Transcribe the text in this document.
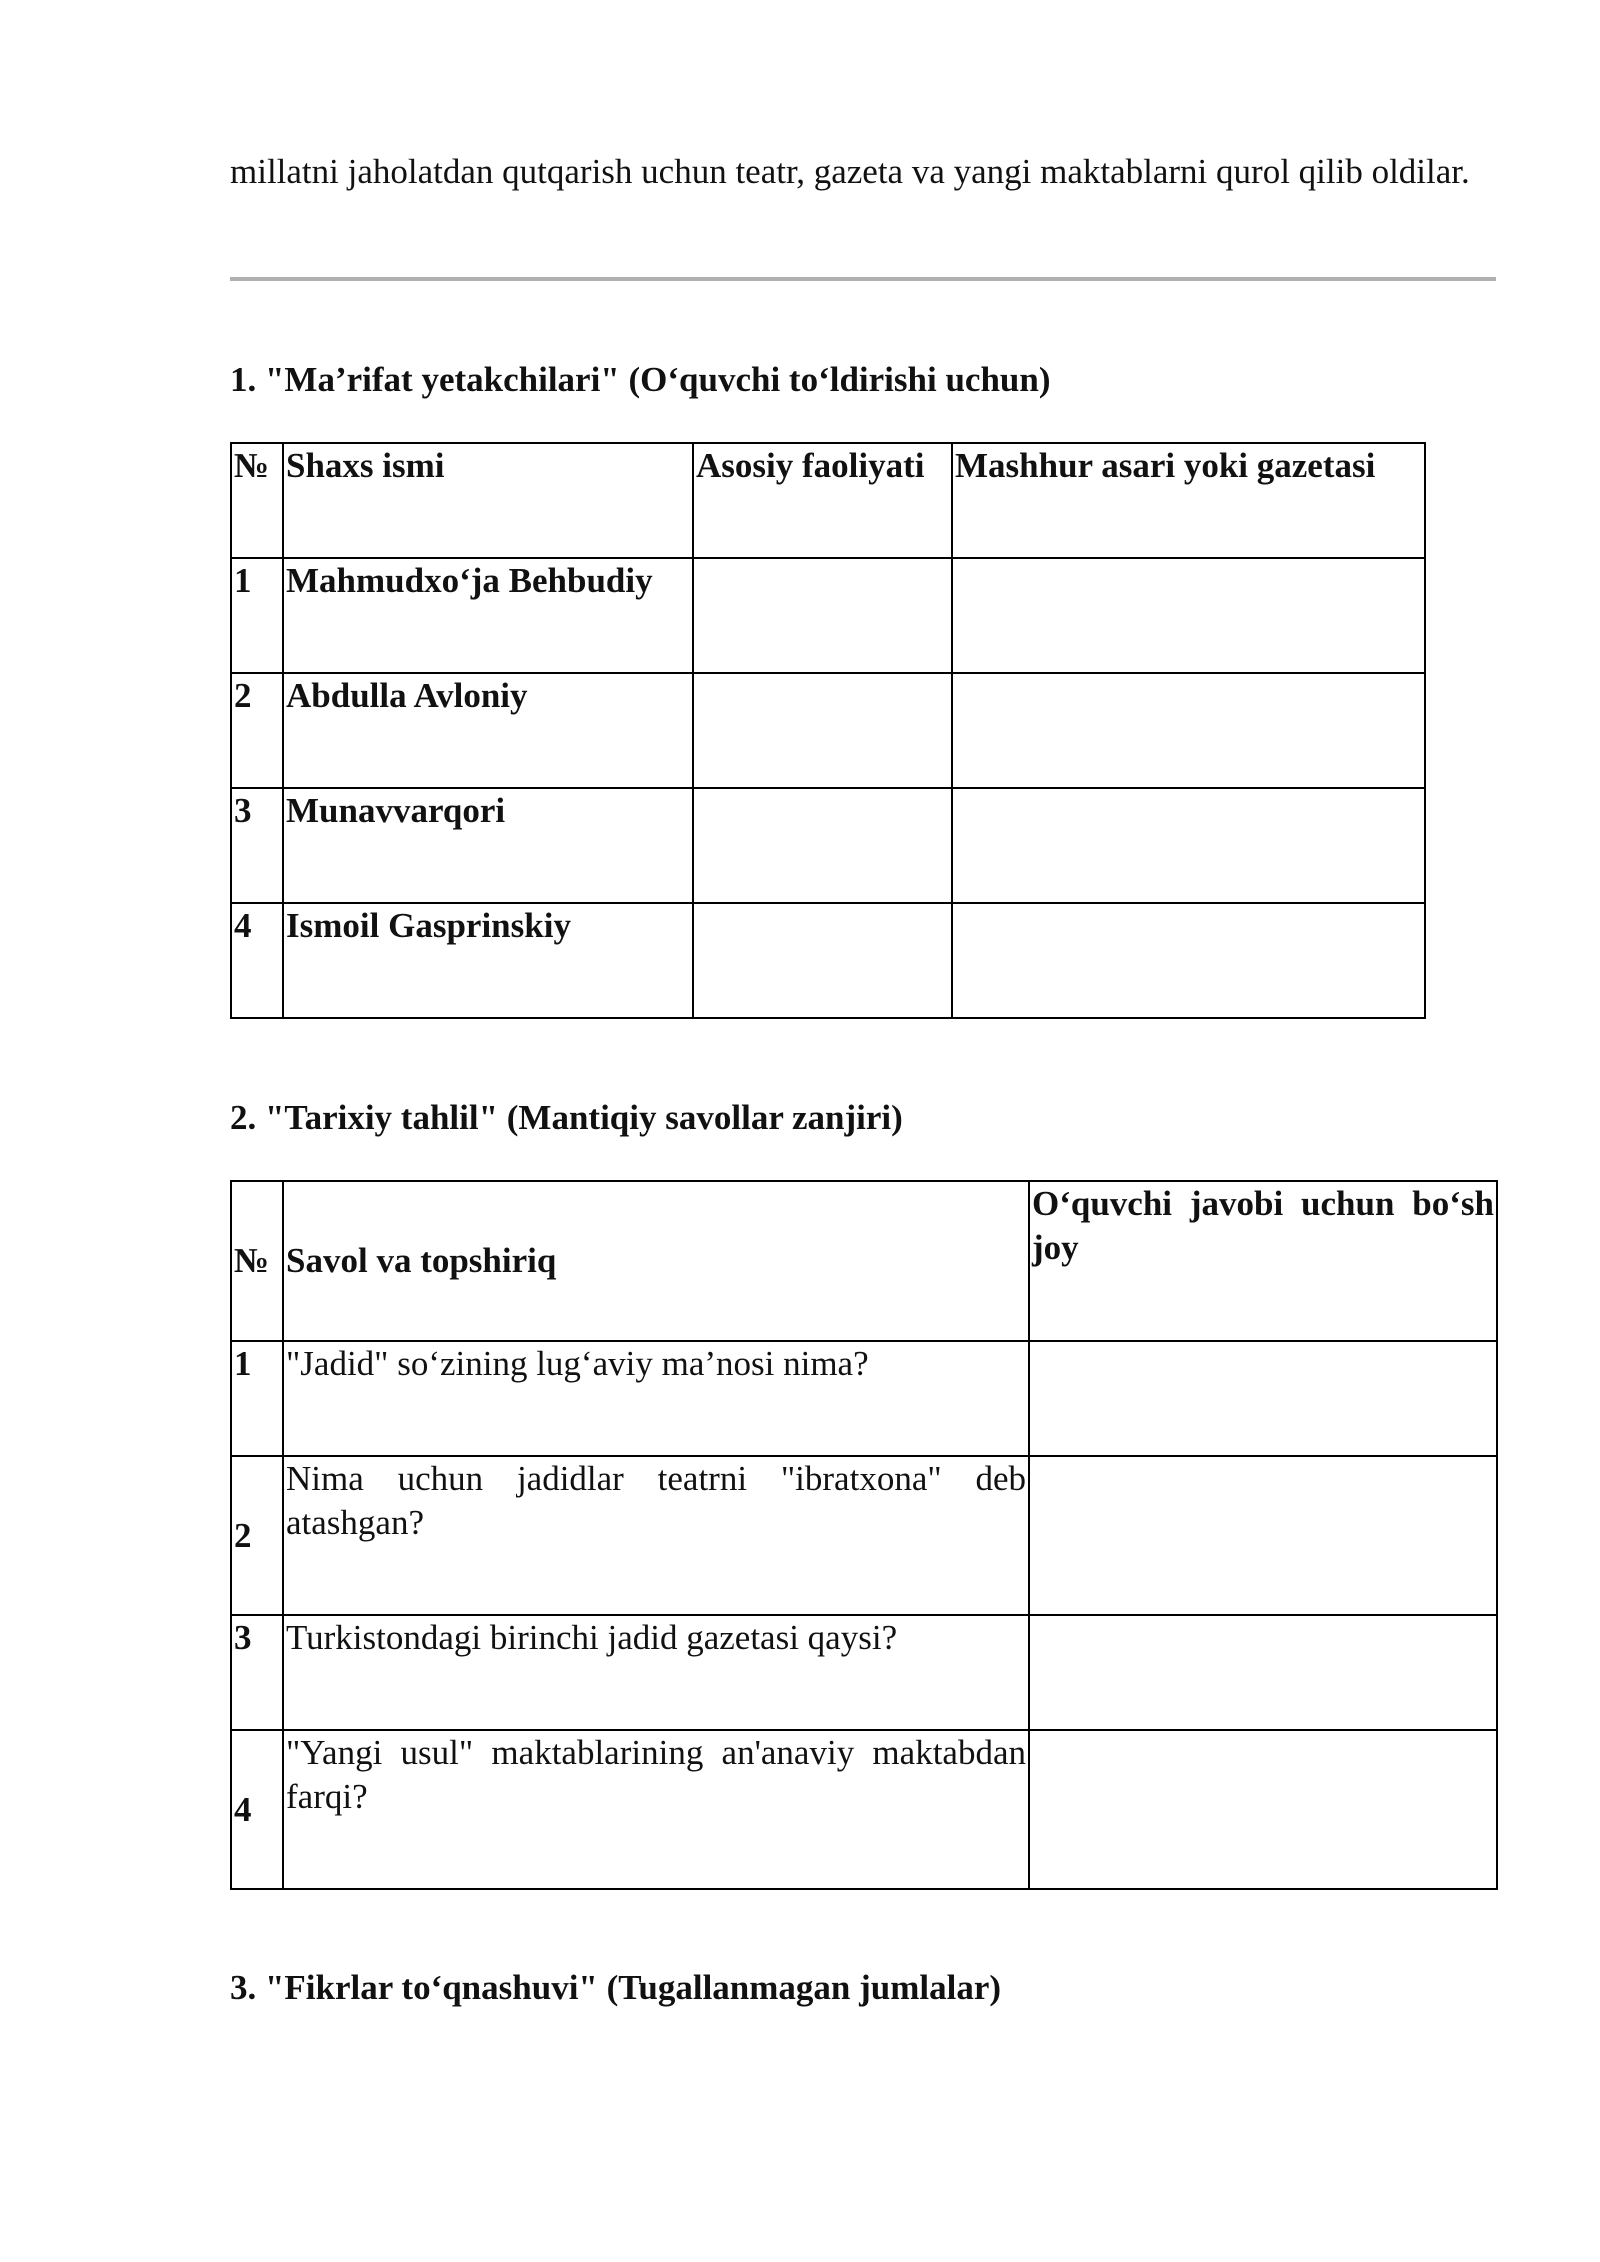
millatni jaholatdan qutqarish uchun teatr, gazeta va yangi maktablarni qurol qilib oldilar.

1. "Ma’rifat yetakchilari" (O‘quvchi to‘ldirishi uchun)
№	Shaxs ismi	Asosiy faoliyati	Mashhur asari yoki gazetasi
1	Mahmudxo‘ja Behbudiy		
2	Abdulla Avloniy		
3	Munavvarqori		
4	Ismoil Gasprinskiy		
2. "Tarixiy tahlil" (Mantiqiy savollar zanjiri)
№	Savol va topshiriq	O‘quvchi javobi uchun bo‘sh joy
1	"Jadid" so‘zining lug‘aviy ma’nosi nima?	
2	Nima uchun jadidlar teatrni "ibratxona" deb atashgan?	
3	Turkistondagi birinchi jadid gazetasi qaysi?	
4	"Yangi usul" maktablarining an'anaviy maktabdan farqi?	
3. "Fikrlar to‘qnashuvi" (Tugallanmagan jumlalar)
